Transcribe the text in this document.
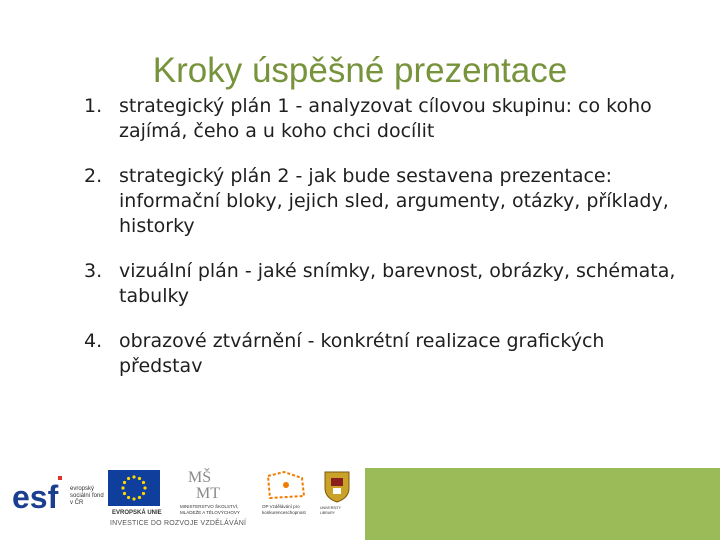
Kroky úspěšné prezentace
1. strategický plán 1 - analyzovat cílovou skupinu: co koho zajímá, čeho a u koho chci docílit
2. strategický plán 2 - jak bude sestavena prezentace: informační bloky, jejich sled, argumenty, otázky, příklady, historky
3. vizuální plán - jaké snímky, barevnost, obrázky, schémata, tabulky
4. obrazové ztvárnění - konkrétní realizace grafických představ
esf evropský sociální fond v ČR
EVROPSKÁ UNIE
MŠ
MT
MINISTERSTVO ŠKOLSTVÍ, MLÁDEŽE A TĚLOVÝCHOVY
OP Vzdělávání pro konkurenceschopnost
UNIVERSITY LIBRARY
INVESTICE DO ROZVOJE VZDĚLÁVÁNÍ
